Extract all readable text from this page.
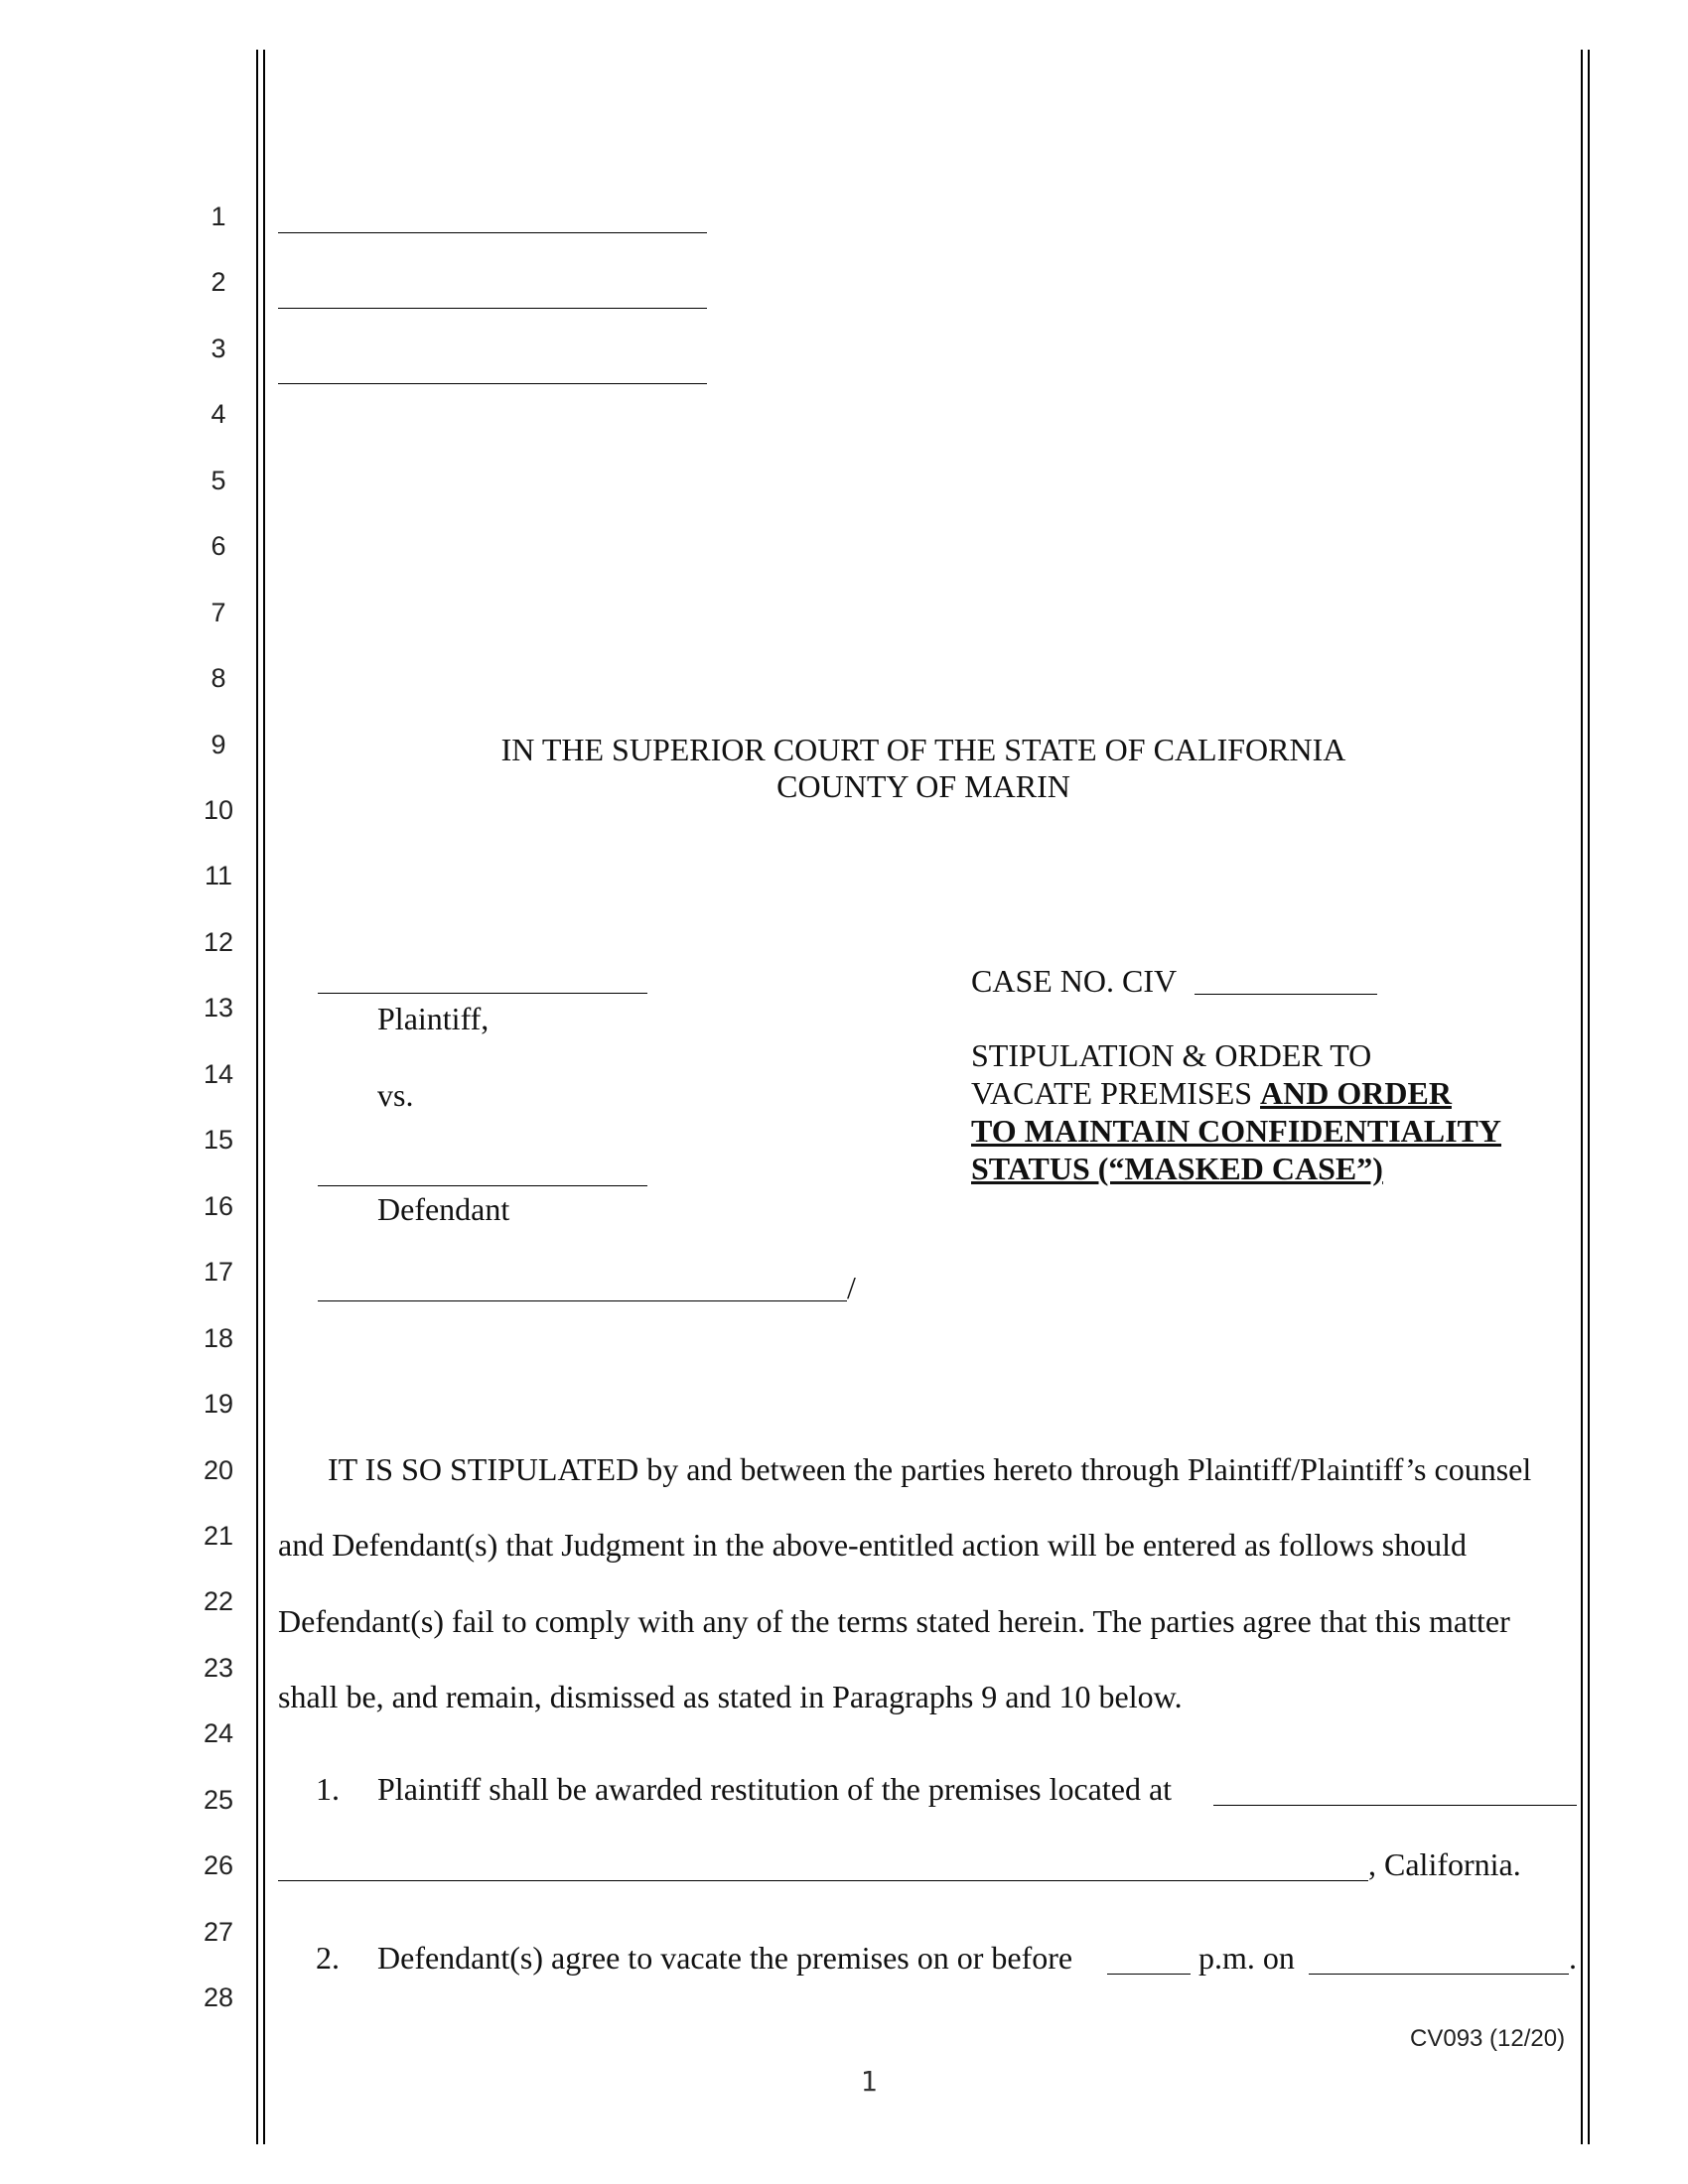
1
2
3
4
5
6
7
8
9
10
11
12
13
14
15
16
17
18
19
20
21
22
23
24
25
26
27
28
IN THE SUPERIOR COURT OF THE STATE OF CALIFORNIA
COUNTY OF MARIN
Plaintiff,
vs.
Defendant
/
CASE NO. CIV
STIPULATION & ORDER TO
VACATE PREMISES AND ORDER
TO MAINTAIN CONFIDENTIALITY
STATUS (“MASKED CASE”)
IT IS SO STIPULATED by and between the parties hereto through Plaintiff/Plaintiff’s counsel
and Defendant(s) that Judgment in the above-entitled action will be entered as follows should
Defendant(s) fail to comply with any of the terms stated herein. The parties agree that this matter
shall be, and remain, dismissed as stated in Paragraphs 9 and 10 below.
1. Plaintiff shall be awarded restitution of the premises located at
, California.
2. Defendant(s) agree to vacate the premises on or before	p.m. on	.
1
CV093 (12/20)
